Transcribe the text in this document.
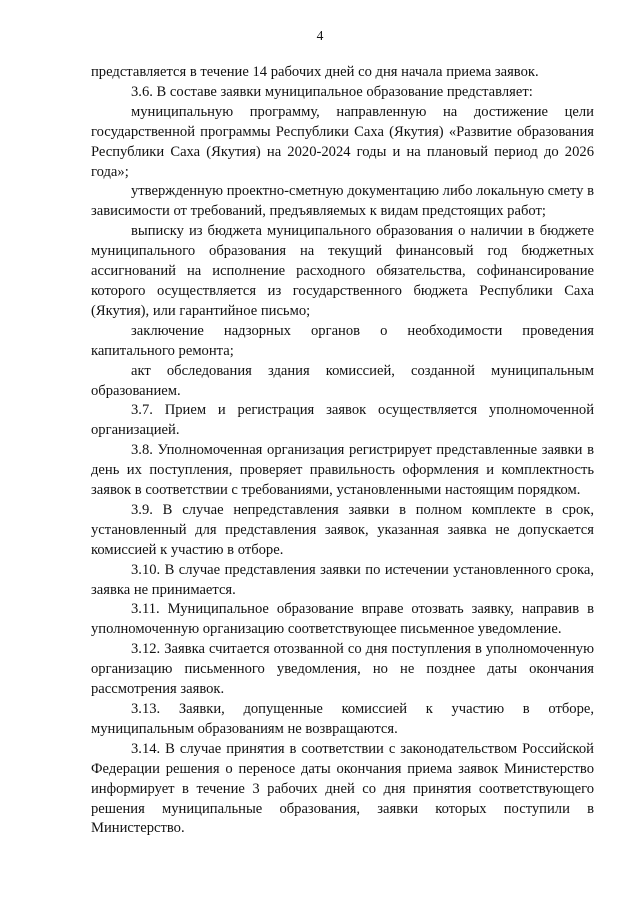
4

представляется в течение 14 рабочих дней со дня начала приема заявок.

3.6. В составе заявки муниципальное образование представляет:

муниципальную программу, направленную на достижение цели государственной программы Республики Саха (Якутия) «Развитие образования Республики Саха (Якутия) на 2020-2024 годы и на плановый период до 2026 года»;

утвержденную проектно-сметную документацию либо локальную смету в зависимости от требований, предъявляемых к видам предстоящих работ;

выписку из бюджета муниципального образования о наличии в бюджете муниципального образования на текущий финансовый год бюджетных ассигнований на исполнение расходного обязательства, софинансирование которого осуществляется из государственного бюджета Республики Саха (Якутия), или гарантийное письмо;

заключение надзорных органов о необходимости проведения капитального ремонта;

акт обследования здания комиссией, созданной муниципальным образованием.

3.7. Прием и регистрация заявок осуществляется уполномоченной организацией.

3.8. Уполномоченная организация регистрирует представленные заявки в день их поступления, проверяет правильность оформления и комплектность заявок в соответствии с требованиями, установленными настоящим порядком.

3.9. В случае непредставления заявки в полном комплекте в срок, установленный для представления заявок, указанная заявка не допускается комиссией к участию в отборе.

3.10. В случае представления заявки по истечении установленного срока, заявка не принимается.

3.11. Муниципальное образование вправе отозвать заявку, направив в уполномоченную организацию соответствующее письменное уведомление.

3.12. Заявка считается отозванной со дня поступления в уполномоченную организацию письменного уведомления, но не позднее даты окончания рассмотрения заявок.

3.13. Заявки, допущенные комиссией к участию в отборе, муниципальным образованиям не возвращаются.

3.14. В случае принятия в соответствии с законодательством Российской Федерации решения о переносе даты окончания приема заявок Министерство информирует в течение 3 рабочих дней со дня принятия соответствующего решения муниципальные образования, заявки которых поступили в Министерство.
